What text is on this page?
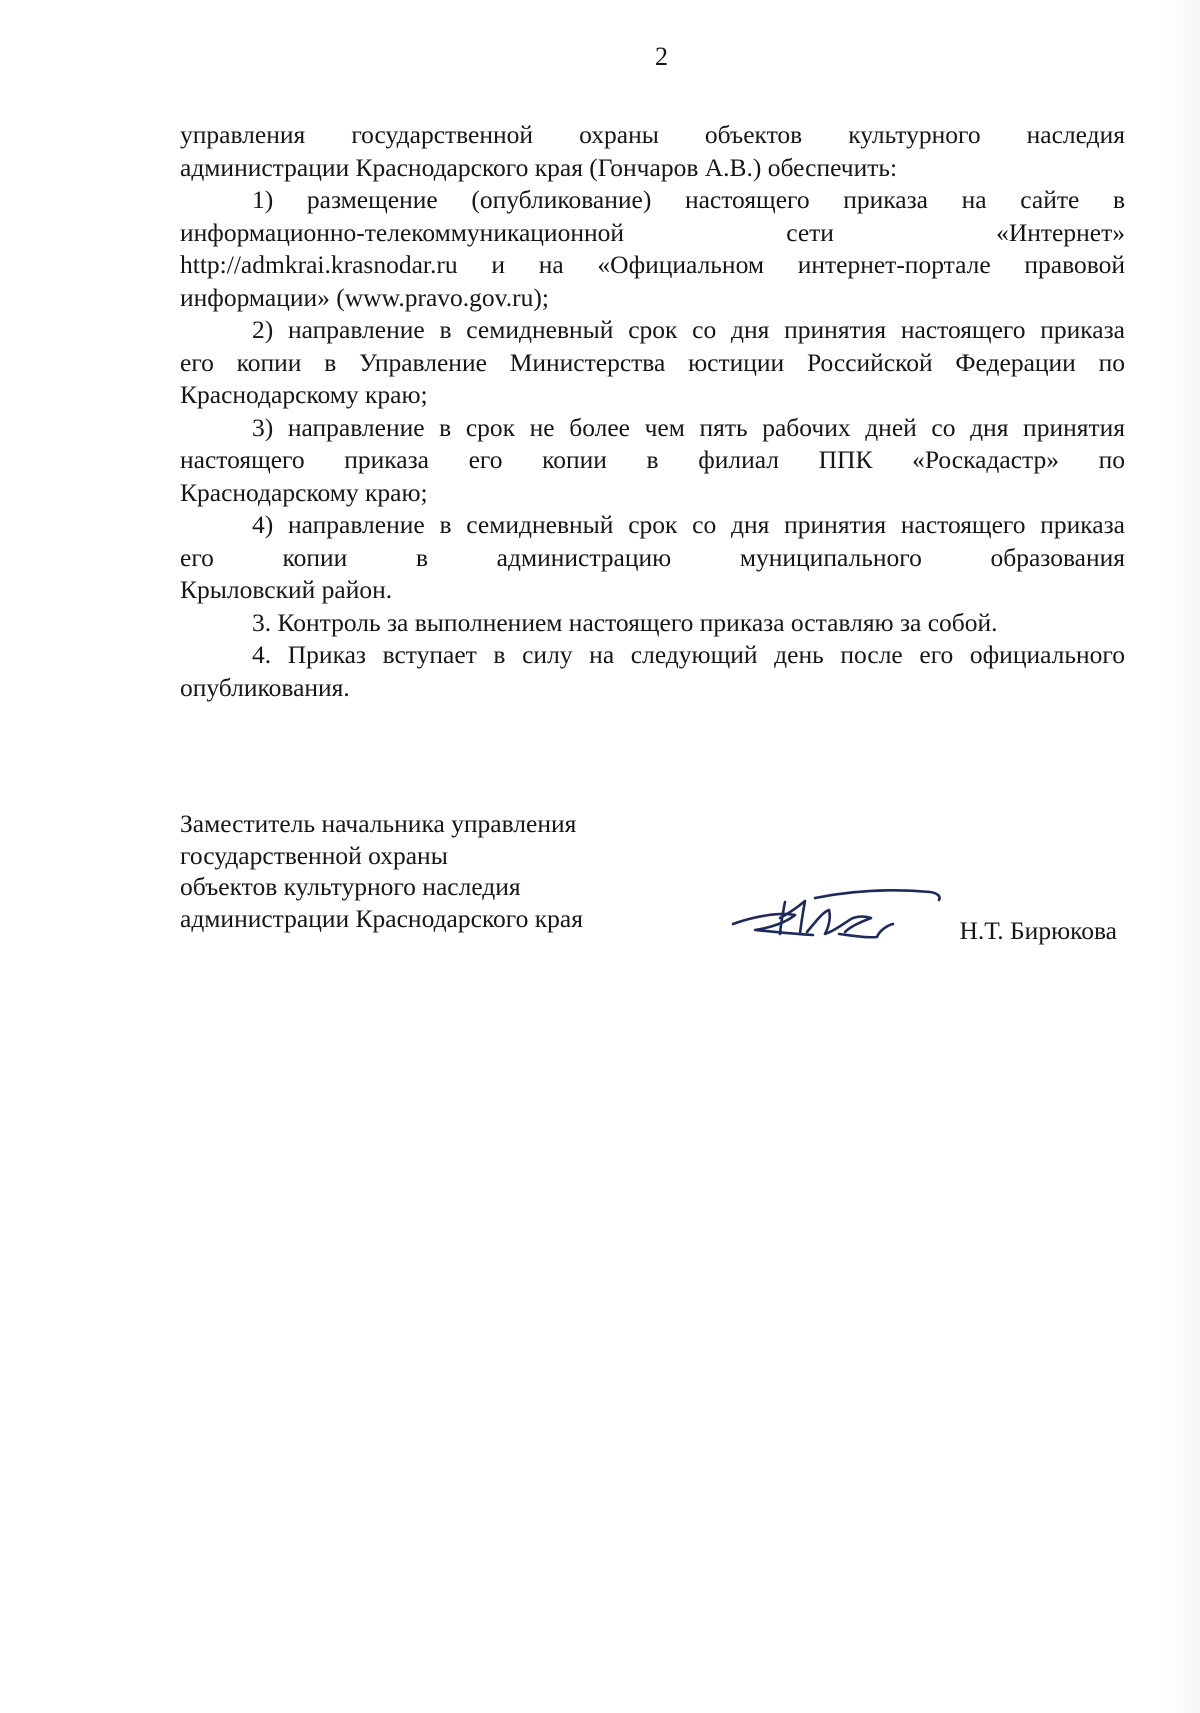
2

управления государственной охраны объектов культурного наследия
администрации Краснодарского края (Гончаров А.В.) обеспечить:

1) размещение (опубликование) настоящего приказа на сайте в
информационно-телекоммуникационной сети «Интернет»
http://admkrai.krasnodar.ru и на «Официальном интернет-портале правовой
информации» (www.pravo.gov.ru);

2) направление в семидневный срок со дня принятия настоящего приказа
его копии в Управление Министерства юстиции Российской Федерации по
Краснодарскому краю;

3) направление в срок не более чем пять рабочих дней со дня принятия
настоящего приказа его копии в филиал ППК «Роскадастр» по
Краснодарскому краю;

4) направление в семидневный срок со дня принятия настоящего приказа
его копии в администрацию муниципального образования
Крыловский район.

3. Контроль за выполнением настоящего приказа оставляю за собой.

4. Приказ вступает в силу на следующий день после его официального
опубликования.

Заместитель начальника управления
государственной охраны
объектов культурного наследия
администрации Краснодарского края	Н.Т. Бирюкова
